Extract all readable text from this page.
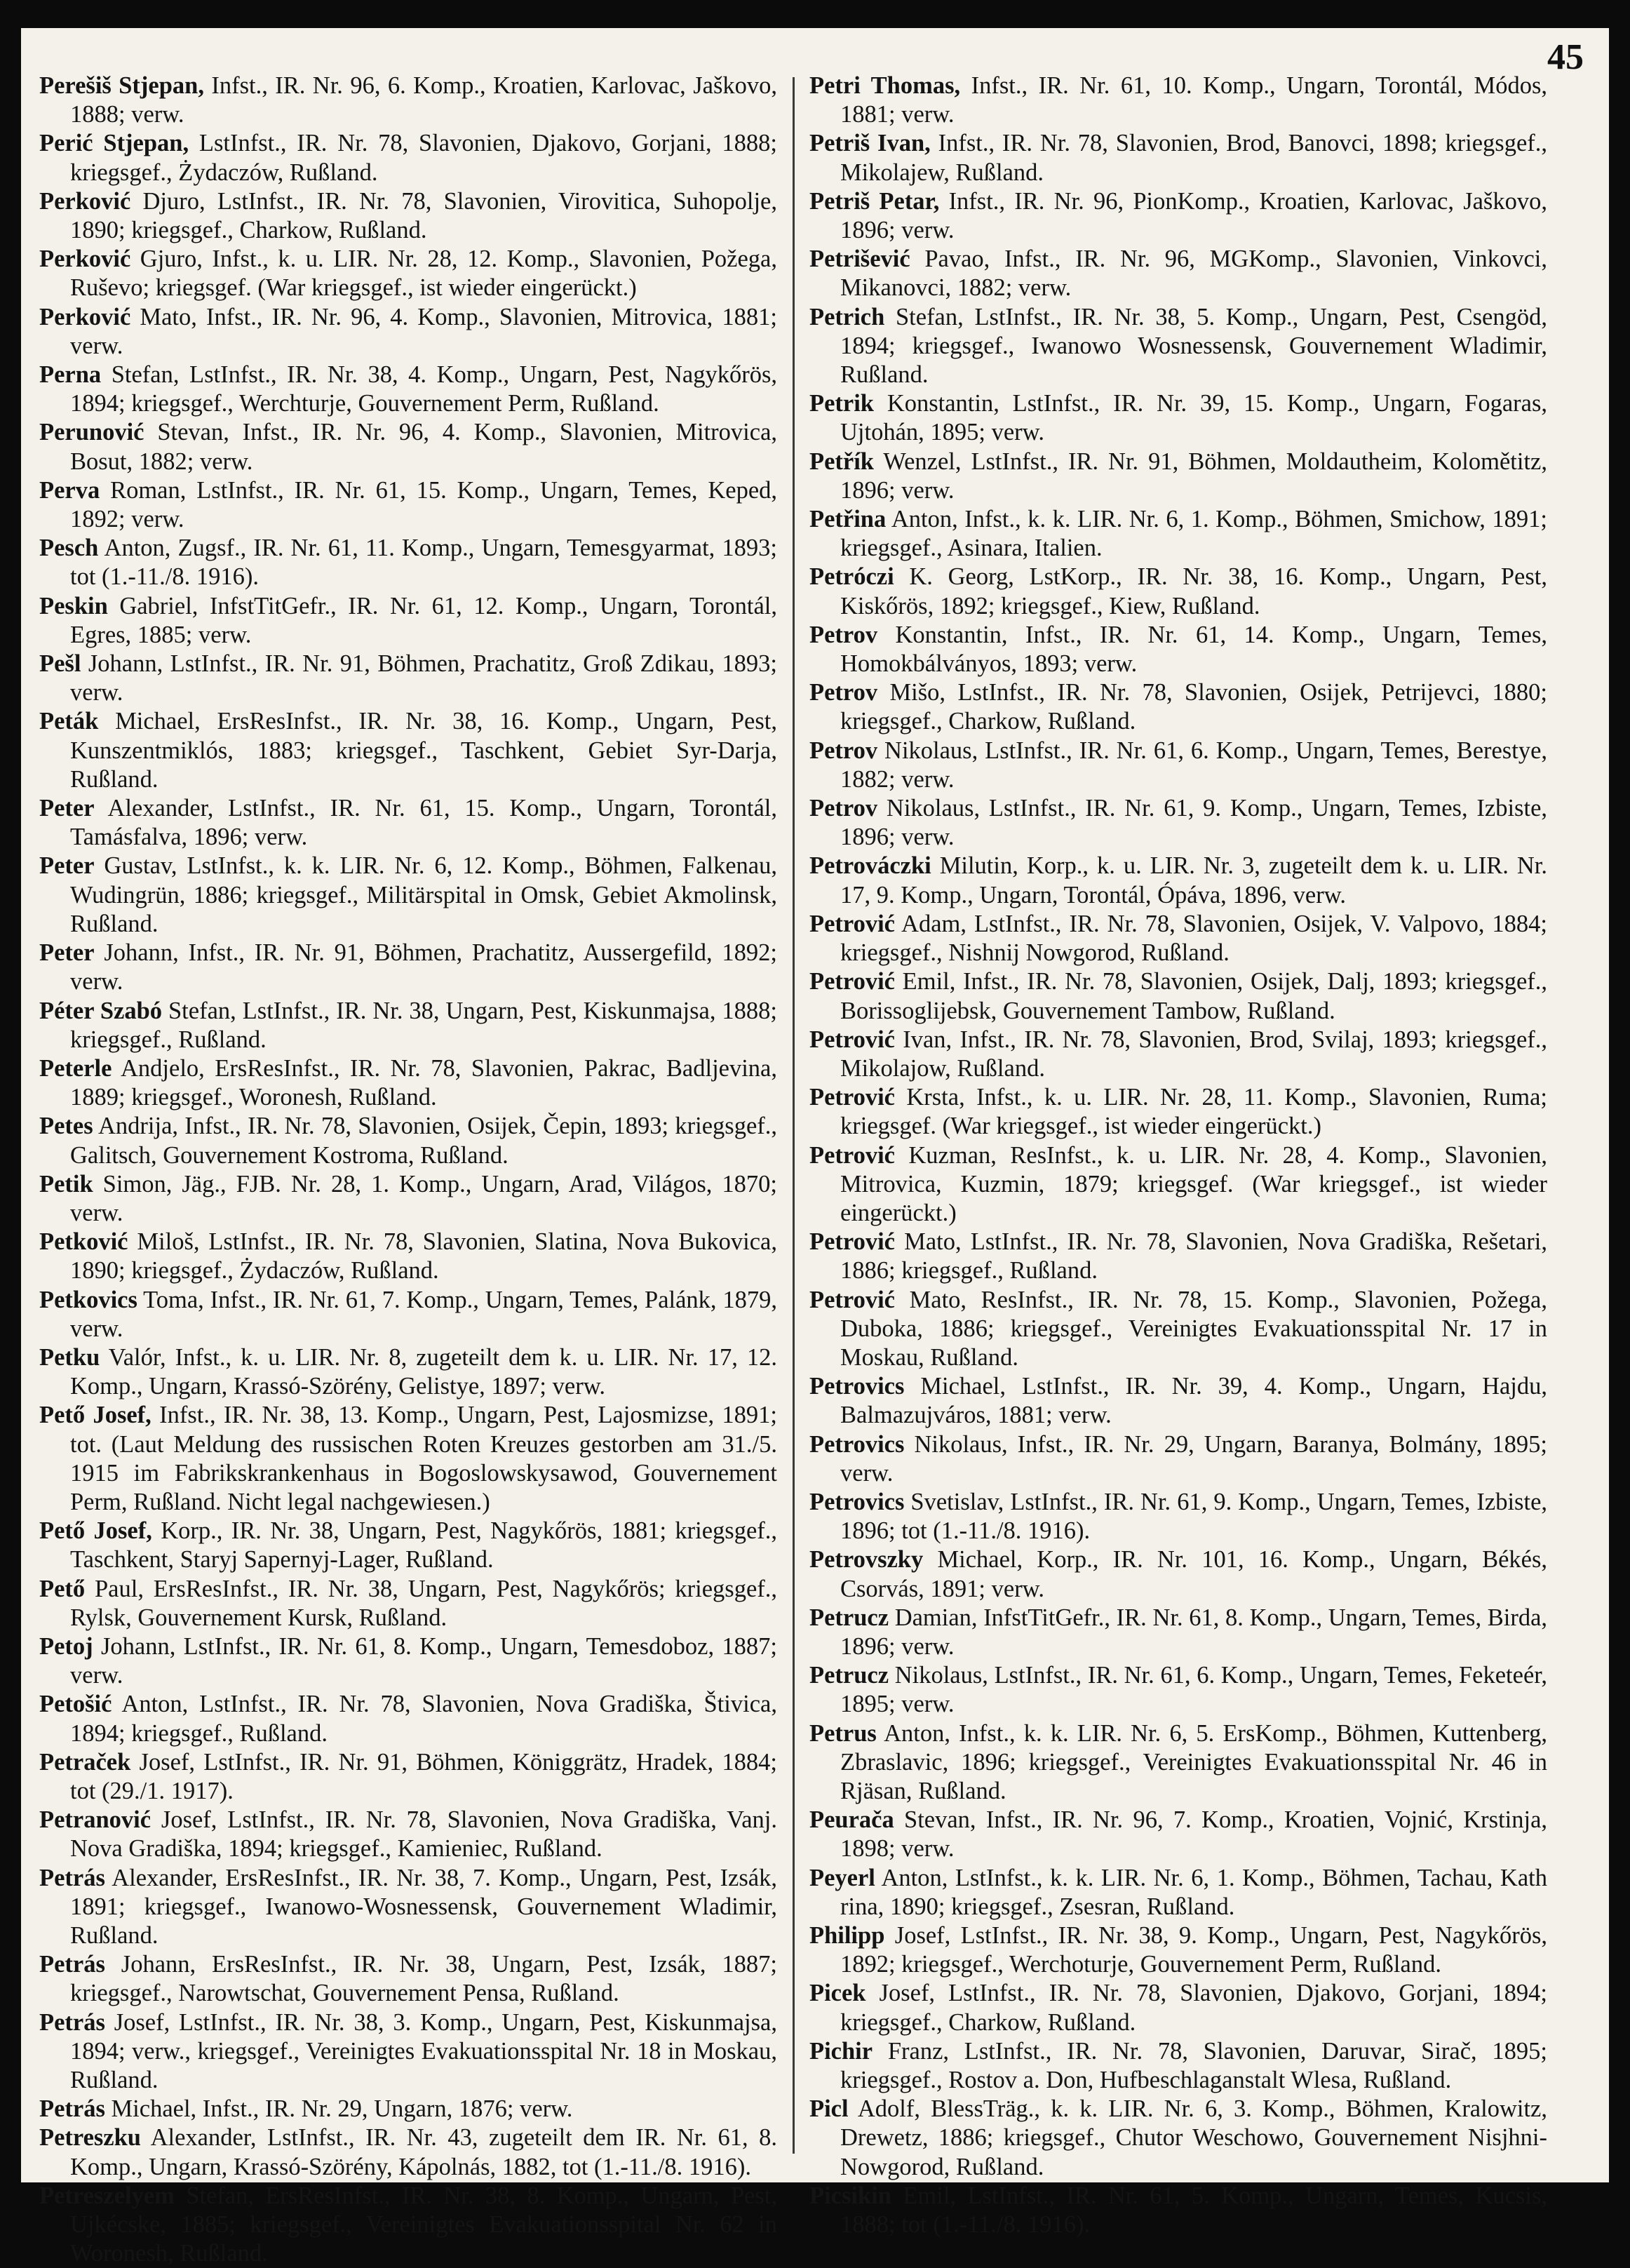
45

Perešiš Stjepan, Infst., IR. Nr. 96, 6. Komp., Kroatien, Karlovac, Jaškovo, 1888; verw.

Perić Stjepan, LstInfst., IR. Nr. 78, Slavonien, Djakovo, Gorjani, 1888; kriegsgef., Żydaczów, Rußland.

Perković Djuro, LstInfst., IR. Nr. 78, Slavonien, Virovitica, Suhopolje, 1890; kriegsgef., Charkow, Rußland.

Perković Gjuro, Infst., k. u. LIR. Nr. 28, 12. Komp., Slavonien, Požega, Ruševo; kriegsgef. (War kriegsgef., ist wieder eingerückt.)

Perković Mato, Infst., IR. Nr. 96, 4. Komp., Slavonien, Mitrovica, 1881; verw.

Perna Stefan, LstInfst., IR. Nr. 38, 4. Komp., Ungarn, Pest, Nagykőrös, 1894; kriegsgef., Werchturje, Gouvernement Perm, Rußland.

Perunović Stevan, Infst., IR. Nr. 96, 4. Komp., Slavonien, Mitrovica, Bosut, 1882; verw.

Perva Roman, LstInfst., IR. Nr. 61, 15. Komp., Ungarn, Temes, Keped, 1892; verw.

Pesch Anton, Zugsf., IR. Nr. 61, 11. Komp., Ungarn, Temesgyarmat, 1893; tot (1.-11./8. 1916).

Peskin Gabriel, InfstTitGefr., IR. Nr. 61, 12. Komp., Ungarn, Torontál, Egres, 1885; verw.

Pešl Johann, LstInfst., IR. Nr. 91, Böhmen, Prachatitz, Groß Zdikau, 1893; verw.

Peták Michael, ErsResInfst., IR. Nr. 38, 16. Komp., Ungarn, Pest, Kunszentmiklós, 1883; kriegsgef., Taschkent, Gebiet Syr-Darja, Rußland.

Peter Alexander, LstInfst., IR. Nr. 61, 15. Komp., Ungarn, Torontál, Tamásfalva, 1896; verw.

Peter Gustav, LstInfst., k. k. LIR. Nr. 6, 12. Komp., Böhmen, Falkenau, Wudingrün, 1886; kriegsgef., Militärspital in Omsk, Gebiet Akmolinsk, Rußland.

Peter Johann, Infst., IR. Nr. 91, Böhmen, Prachatitz, Aussergefild, 1892; verw.

Péter Szabó Stefan, LstInfst., IR. Nr. 38, Ungarn, Pest, Kiskunmajsa, 1888; kriegsgef., Rußland.

Peterle Andjelo, ErsResInfst., IR. Nr. 78, Slavonien, Pakrac, Badljevina, 1889; kriegsgef., Woronesh, Rußland.

Petes Andrija, Infst., IR. Nr. 78, Slavonien, Osijek, Čepin, 1893; kriegsgef., Galitsch, Gouvernement Kostroma, Rußland.

Petik Simon, Jäg., FJB. Nr. 28, 1. Komp., Ungarn, Arad, Világos, 1870; verw.

Petković Miloš, LstInfst., IR. Nr. 78, Slavonien, Slatina, Nova Bukovica, 1890; kriegsgef., Żydaczów, Rußland.

Petkovics Toma, Infst., IR. Nr. 61, 7. Komp., Ungarn, Temes, Palánk, 1879, verw.

Petku Valór, Infst., k. u. LIR. Nr. 8, zugeteilt dem k. u. LIR. Nr. 17, 12. Komp., Ungarn, Krassó-Szörény, Gelistye, 1897; verw.

Pető Josef, Infst., IR. Nr. 38, 13. Komp., Ungarn, Pest, Lajosmizse, 1891; tot. (Laut Meldung des russischen Roten Kreuzes gestorben am 31./5. 1915 im Fabrikskrankenhaus in Bogoslowskysawod, Gouvernement Perm, Rußland. Nicht legal nachgewiesen.)

Pető Josef, Korp., IR. Nr. 38, Ungarn, Pest, Nagykőrös, 1881; kriegsgef., Taschkent, Staryj Sapernyj-Lager, Rußland.

Pető Paul, ErsResInfst., IR. Nr. 38, Ungarn, Pest, Nagykőrös; kriegsgef., Rylsk, Gouvernement Kursk, Rußland.

Petoj Johann, LstInfst., IR. Nr. 61, 8. Komp., Ungarn, Temesdoboz, 1887; verw.

Petošić Anton, LstInfst., IR. Nr. 78, Slavonien, Nova Gradiška, Štivica, 1894; kriegsgef., Rußland.

Petraček Josef, LstInfst., IR. Nr. 91, Böhmen, Königgrätz, Hradek, 1884; tot (29./1. 1917).

Petranović Josef, LstInfst., IR. Nr. 78, Slavonien, Nova Gradiška, Vanj. Nova Gradiška, 1894; kriegsgef., Kamieniec, Rußland.

Petrás Alexander, ErsResInfst., IR. Nr. 38, 7. Komp., Ungarn, Pest, Izsák, 1891; kriegsgef., Iwanowo-Wosnessensk, Gouvernement Wladimir, Rußland.

Petrás Johann, ErsResInfst., IR. Nr. 38, Ungarn, Pest, Izsák, 1887; kriegsgef., Narowtschat, Gouvernement Pensa, Rußland.

Petrás Josef, LstInfst., IR. Nr. 38, 3. Komp., Ungarn, Pest, Kiskunmajsa, 1894; verw., kriegsgef., Vereinigtes Evakuationsspital Nr. 18 in Moskau, Rußland.

Petrás Michael, Infst., IR. Nr. 29, Ungarn, 1876; verw.

Petreszku Alexander, LstInfst., IR. Nr. 43, zugeteilt dem IR. Nr. 61, 8. Komp., Ungarn, Krassó-Szörény, Kápolnás, 1882, tot (1.-11./8. 1916).

Petreszelyem Stefan, ErsResInfst., IR. Nr. 38, 8. Komp., Ungarn, Pest, Ujkécske, 1885; kriegsgef., Vereinigtes Evakuationsspital Nr. 62 in Woronesh, Rußland.

Petri Thomas, Infst., IR. Nr. 61, 10. Komp., Ungarn, Torontál, Módos, 1881; verw.

Petriš Ivan, Infst., IR. Nr. 78, Slavonien, Brod, Banovci, 1898; kriegsgef., Mikolajew, Rußland.

Petriš Petar, Infst., IR. Nr. 96, PionKomp., Kroatien, Karlovac, Jaškovo, 1896; verw.

Petrišević Pavao, Infst., IR. Nr. 96, MGKomp., Slavonien, Vinkovci, Mikanovci, 1882; verw.

Petrich Stefan, LstInfst., IR. Nr. 38, 5. Komp., Ungarn, Pest, Csengöd, 1894; kriegsgef., Iwanowo Wosnessensk, Gouvernement Wladimir, Rußland.

Petrik Konstantin, LstInfst., IR. Nr. 39, 15. Komp., Ungarn, Fogaras, Ujtohán, 1895; verw.

Petřík Wenzel, LstInfst., IR. Nr. 91, Böhmen, Moldautheim, Kolomětitz, 1896; verw.

Petřina Anton, Infst., k. k. LIR. Nr. 6, 1. Komp., Böhmen, Smichow, 1891; kriegsgef., Asinara, Italien.

Petróczi K. Georg, LstKorp., IR. Nr. 38, 16. Komp., Ungarn, Pest, Kiskőrös, 1892; kriegsgef., Kiew, Rußland.

Petrov Konstantin, Infst., IR. Nr. 61, 14. Komp., Ungarn, Temes, Homokbálványos, 1893; verw.

Petrov Mišo, LstInfst., IR. Nr. 78, Slavonien, Osijek, Petrijevci, 1880; kriegsgef., Charkow, Rußland.

Petrov Nikolaus, LstInfst., IR. Nr. 61, 6. Komp., Ungarn, Temes, Berestye, 1882; verw.

Petrov Nikolaus, LstInfst., IR. Nr. 61, 9. Komp., Ungarn, Temes, Izbiste, 1896; verw.

Petrováczki Milutin, Korp., k. u. LIR. Nr. 3, zugeteilt dem k. u. LIR. Nr. 17, 9. Komp., Ungarn, Torontál, Ópáva, 1896, verw.

Petrović Adam, LstInfst., IR. Nr. 78, Slavonien, Osijek, V. Valpovo, 1884; kriegsgef., Nishnij Nowgorod, Rußland.

Petrović Emil, Infst., IR. Nr. 78, Slavonien, Osijek, Dalj, 1893; kriegsgef., Borissoglijebsk, Gouvernement Tambow, Rußland.

Petrović Ivan, Infst., IR. Nr. 78, Slavonien, Brod, Svilaj, 1893; kriegsgef., Mikolajow, Rußland.

Petrović Krsta, Infst., k. u. LIR. Nr. 28, 11. Komp., Slavonien, Ruma; kriegsgef. (War kriegsgef., ist wieder eingerückt.)

Petrović Kuzman, ResInfst., k. u. LIR. Nr. 28, 4. Komp., Slavonien, Mitrovica, Kuzmin, 1879; kriegsgef. (War kriegsgef., ist wieder eingerückt.)

Petrović Mato, LstInfst., IR. Nr. 78, Slavonien, Nova Gradiška, Rešetari, 1886; kriegsgef., Rußland.

Petrović Mato, ResInfst., IR. Nr. 78, 15. Komp., Slavonien, Požega, Duboka, 1886; kriegsgef., Vereinigtes Evakuationsspital Nr. 17 in Moskau, Rußland.

Petrovics Michael, LstInfst., IR. Nr. 39, 4. Komp., Ungarn, Hajdu, Balmazujváros, 1881; verw.

Petrovics Nikolaus, Infst., IR. Nr. 29, Ungarn, Baranya, Bolmány, 1895; verw.

Petrovics Svetislav, LstInfst., IR. Nr. 61, 9. Komp., Ungarn, Temes, Izbiste, 1896; tot (1.-11./8. 1916).

Petrovszky Michael, Korp., IR. Nr. 101, 16. Komp., Ungarn, Békés, Csorvás, 1891; verw.

Petrucz Damian, InfstTitGefr., IR. Nr. 61, 8. Komp., Ungarn, Temes, Birda, 1896; verw.

Petrucz Nikolaus, LstInfst., IR. Nr. 61, 6. Komp., Ungarn, Temes, Feketeér, 1895; verw.

Petrus Anton, Infst., k. k. LIR. Nr. 6, 5. ErsKomp., Böhmen, Kuttenberg, Zbraslavic, 1896; kriegsgef., Vereinigtes Evakuationsspital Nr. 46 in Rjäsan, Rußland.

Peurača Stevan, Infst., IR. Nr. 96, 7. Komp., Kroatien, Vojnić, Krstinja, 1898; verw.

Peyerl Anton, LstInfst., k. k. LIR. Nr. 6, 1. Komp., Böhmen, Tachau, Kath rina, 1890; kriegsgef., Zsesran, Rußland.

Philipp Josef, LstInfst., IR. Nr. 38, 9. Komp., Ungarn, Pest, Nagykőrös, 1892; kriegsgef., Werchoturje, Gouvernement Perm, Rußland.

Picek Josef, LstInfst., IR. Nr. 78, Slavonien, Djakovo, Gorjani, 1894; kriegsgef., Charkow, Rußland.

Pichir Franz, LstInfst., IR. Nr. 78, Slavonien, Daruvar, Sirač, 1895; kriegsgef., Rostov a. Don, Hufbeschlaganstalt Wlesa, Rußland.

Picl Adolf, BlessTräg., k. k. LIR. Nr. 6, 3. Komp., Böhmen, Kralowitz, Drewetz, 1886; kriegsgef., Chutor Weschowo, Gouvernement Nisjhni-Nowgorod, Rußland.

Picsikin Emil, LstInfst., IR. Nr. 61, 5. Komp., Ungarn, Temes, Kucsis, 1888; tot (1.-11./8. 1916).
